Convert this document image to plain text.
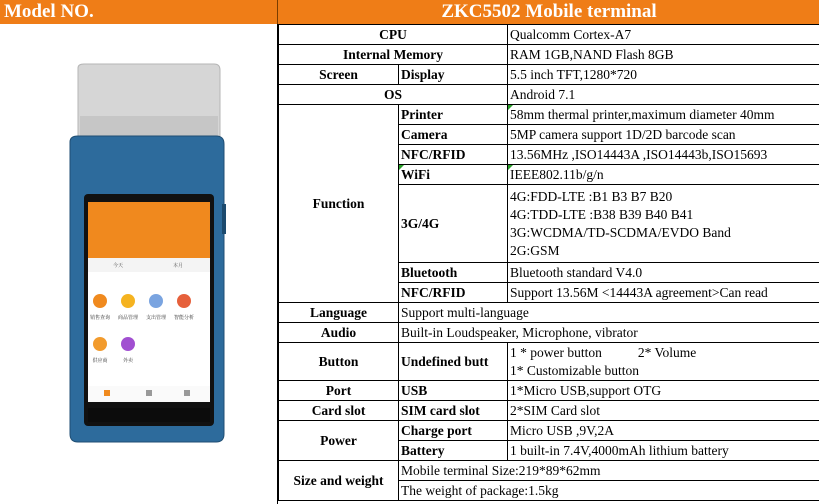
Model NO.	ZKC5502 Mobile terminal
销售查询 商品管理 支出管理 智能分析
供应商	外卖
今天	本月
CPU		Qualcomm Cortex-A7
Internal Memory		RAM 1GB,NAND Flash 8GB
Screen	Display	5.5 inch TFT,1280*720
OS		Android 7.1
Function	Printer	58mm thermal printer,maximum diameter 40mm
	Camera	5MP camera support 1D/2D barcode scan
	NFC/RFID	13.56MHz ,ISO14443A ,ISO14443b,ISO15693
	WiFi	IEEE802.11b/g/n
	3G/4G	4G:FDD-LTE :B1 B3 B7 B20
4G:TDD-LTE :B38 B39 B40 B41
3G:WCDMA/TD-SCDMA/EVDO Band
2G:GSM

	Bluetooth	Bluetooth standard V4.0
	NFC/RFID	Support 13.56M <14443A agreement>Can read
Language	Support multi-language	
Audio	Built-in Loudspeaker, Microphone, vibrator	
Button	Undefined butt	1 * power button 2* Volume
1* Customizable button

Port	USB	1*Micro USB,support OTG
Card slot	SIM card slot	2*SIM Card slot
Power	Charge port	Micro USB ,9V,2A
	Battery	1 built-in 7.4V,4000mAh lithium battery
Size and weight	Mobile terminal Size:219*89*62mm	
	The weight of package:1.5kg	
